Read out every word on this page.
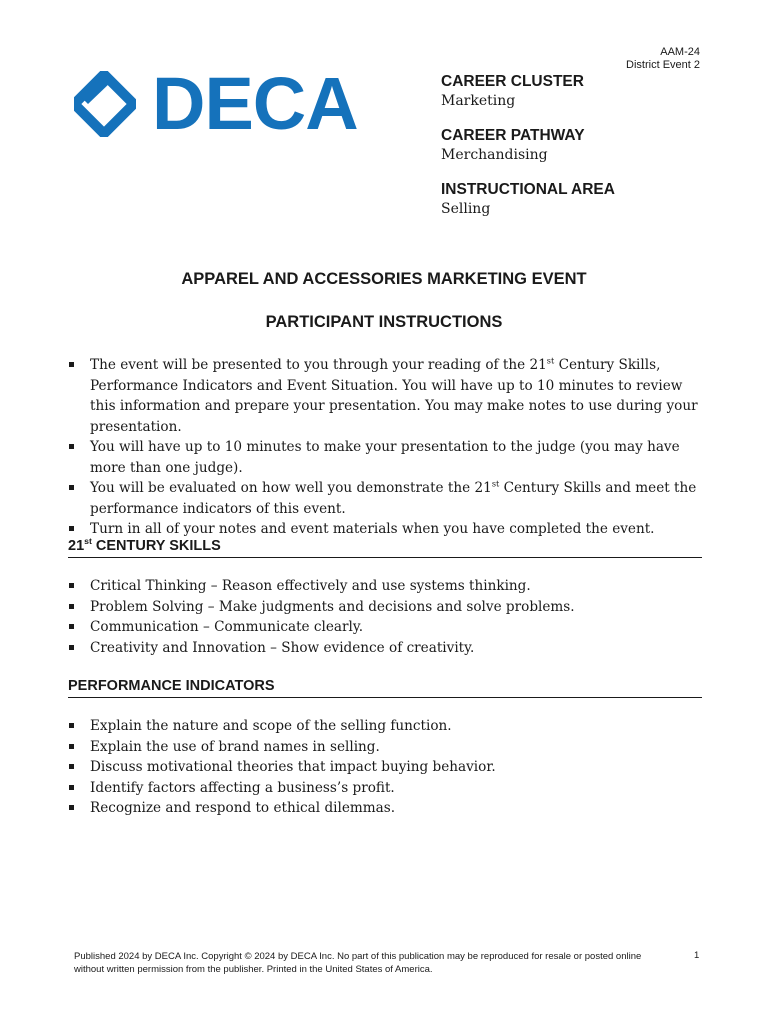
AAM-24
District Event 2
DECA	CAREER CLUSTER
Marketing
CAREER PATHWAY
Merchandising
INSTRUCTIONAL AREA
Selling
APPAREL AND ACCESSORIES MARKETING EVENT
PARTICIPANT INSTRUCTIONS
The event will be presented to you through your reading of the 21st Century Skills, Performance Indicators and Event Situation. You will have up to 10 minutes to review this information and prepare your presentation. You may make notes to use during your presentation.
You will have up to 10 minutes to make your presentation to the judge (you may have more than one judge).
You will be evaluated on how well you demonstrate the 21st Century Skills and meet the performance indicators of this event.
Turn in all of your notes and event materials when you have completed the event.
21st CENTURY SKILLS
Critical Thinking – Reason effectively and use systems thinking.
Problem Solving – Make judgments and decisions and solve problems.
Communication – Communicate clearly.
Creativity and Innovation – Show evidence of creativity.
PERFORMANCE INDICATORS
Explain the nature and scope of the selling function.
Explain the use of brand names in selling.
Discuss motivational theories that impact buying behavior.
Identify factors affecting a business’s profit.
Recognize and respond to ethical dilemmas.
Published 2024 by DECA Inc. Copyright © 2024 by DECA Inc. No part of this publication may be reproduced for resale or posted online without written permission from the publisher. Printed in the United States of America.
1
